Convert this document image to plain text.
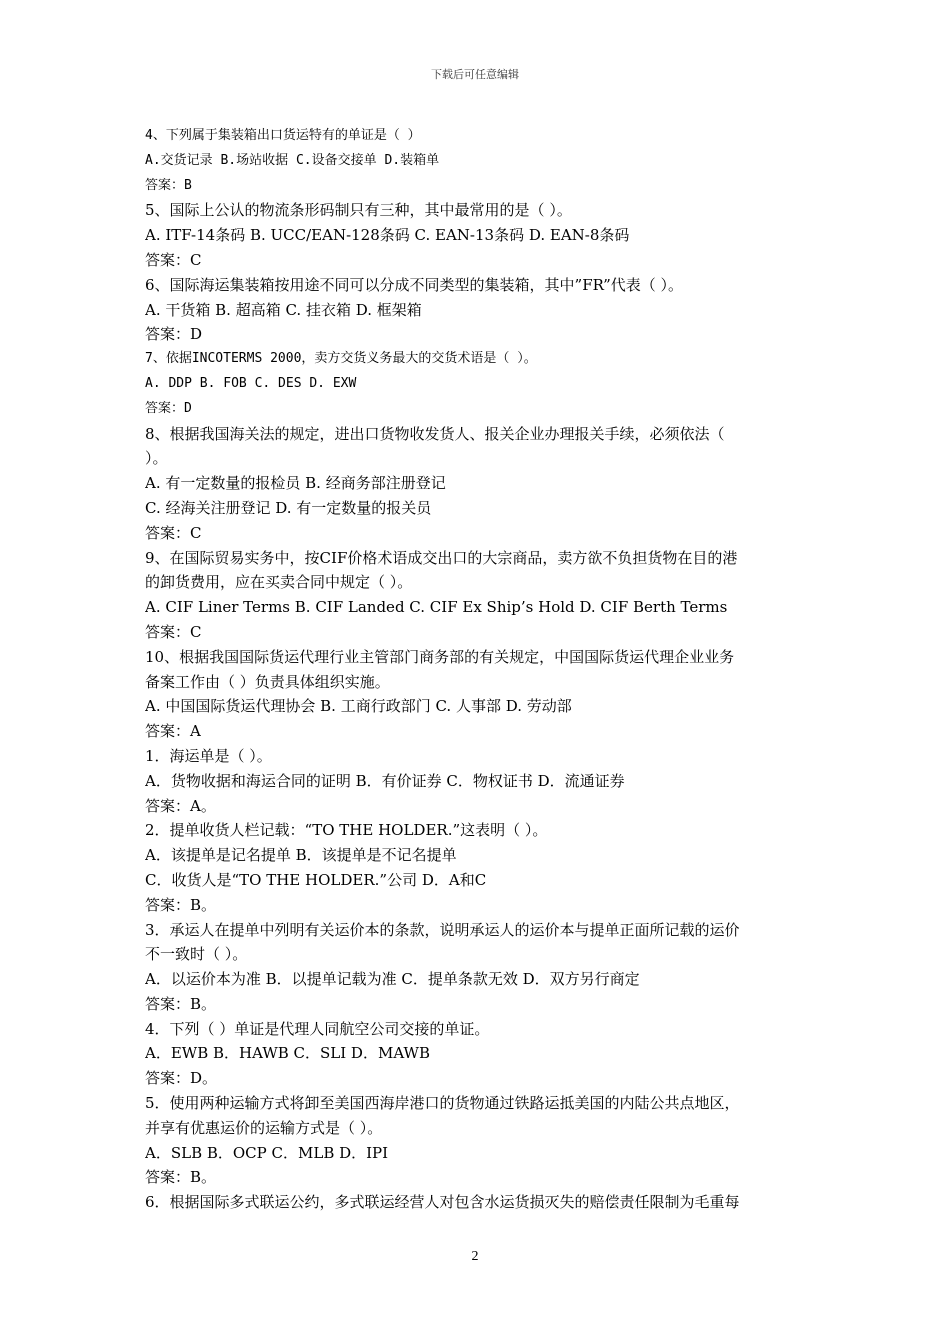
下载后可任意编辑
4、下列属于集装箱出口货运特有的单证是（ ）
A.交货记录 B.场站收据 C.设备交接单 D.装箱单
答案：B
5、国际上公认的物流条形码制只有三种，其中最常用的是（ ）。
A. ITF-14条码 B. UCC/EAN-128条码 C. EAN-13条码 D. EAN-8条码
答案：C
6、国际海运集装箱按用途不同可以分成不同类型的集装箱，其中”FR”代表（ ）。
A. 干货箱 B. 超高箱 C. 挂衣箱 D. 框架箱
答案：D
7、依据INCOTERMS 2000，卖方交货义务最大的交货术语是（ ）。
A. DDP B. FOB C. DES D. EXW
答案：D
8、根据我国海关法的规定，进出口货物收发货人、报关企业办理报关手续，必须依法（
）。
A. 有一定数量的报检员 B. 经商务部注册登记
C. 经海关注册登记 D. 有一定数量的报关员
答案：C
9、在国际贸易实务中，按CIF价格术语成交出口的大宗商品，卖方欲不负担货物在目的港
的卸货费用，应在买卖合同中规定（ ）。
A. CIF Liner Terms B. CIF Landed C. CIF Ex Ship’s Hold D. CIF Berth Terms
答案：C
10、根据我国国际货运代理行业主管部门商务部的有关规定，中国国际货运代理企业业务
备案工作由（ ）负责具体组织实施。
A. 中国国际货运代理协会 B. 工商行政部门 C. 人事部 D. 劳动部
答案：A
1．海运单是（ ）。
A．货物收据和海运合同的证明 B．有价证券 C．物权证书 D．流通证券
答案：A。
2．提单收货人栏记载：“TO THE HOLDER.”这表明（ ）。
A．该提单是记名提单 B．该提单是不记名提单
C．收货人是“TO THE HOLDER.”公司 D．A和C
答案：B。
3．承运人在提单中列明有关运价本的条款，说明承运人的运价本与提单正面所记载的运价
不一致时（ ）。
A．以运价本为准 B．以提单记载为准 C．提单条款无效 D．双方另行商定
答案：B。
4．下列（ ）单证是代理人同航空公司交接的单证。
A．EWB B．HAWB C．SLI D．MAWB
答案：D。
5．使用两种运输方式将卸至美国西海岸港口的货物通过铁路运抵美国的内陆公共点地区，
并享有优惠运价的运输方式是（ ）。
A．SLB B．OCP C．MLB D．IPI
答案：B。
6．根据国际多式联运公约，多式联运经营人对包含水运货损灭失的赔偿责任限制为毛重每
2
